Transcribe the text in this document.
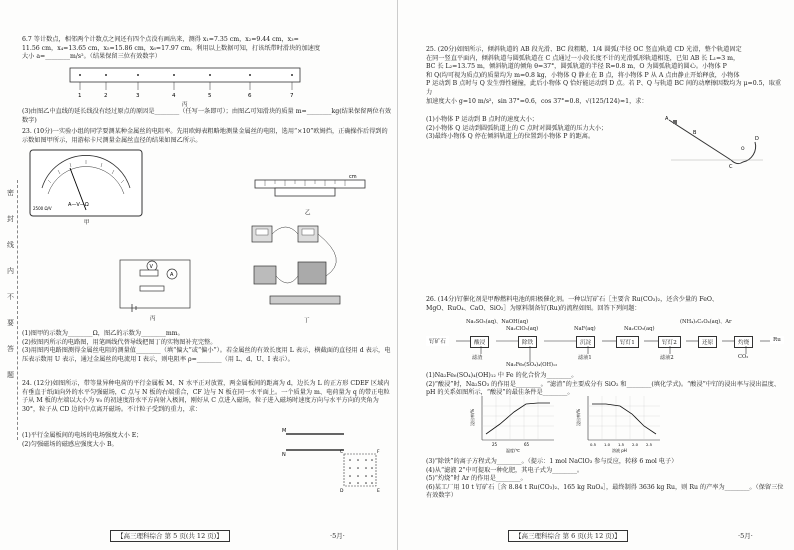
密
封
线
内
不
要
答
题
6.7 等计数点，相邻两个计数点之间还有四个点没有画出来，测得 x₁=7.35 cm，x₂=9.44 cm，x₃=
11.56 cm，x₄=13.65 cm，x₅=15.86 cm，x₆=17.97 cm。利用以上数据可知，打该纸带时滑块的加速度
大小 a=________m/s²。（结果保留三位有效数字）
1	2	3	4	5	6	7
丙
(3)由图乙中直线的延长线没有经过原点的原因是________（任写一条即可）；由图乙可知滑块的质量 m=________kg(结果保留两位有效数字)
23. (10分)一实验小组的同学要测某种金属丝的电阻率。先用欧姆表粗略地测量金属丝的电阻，选用“×10”欧姆挡，正确操作后得到的示数如图甲所示，用游标卡尺测量金属丝直径的结果如图乙所示。
A—V—Ω
2500 Ω/V
甲
cm
乙
V
A
丙	丁
(1)图甲的示数为________Ω，图乙的示数为________mm。
(2)按图丙所示的电路图，用笔画线代替导线把图丁的实物图补充完整。
(3)用图丙电路图测得金属丝电阻的测量值________（填“偏大”或“偏小”）。若金属丝的有效长度用 L 表示，横截面的直径用 d 表示，电压表示数用 U 表示，通过金属丝的电流用 I 表示，则电阻率 ρ=________（用 L、d、U、I 表示）。
24. (12分)如图所示，带等量异种电荷的平行金属板 M、N 水平正对放置，两金属板间的距离为 d，边长为 L 的正方形 CDEF 区域内有垂直于纸面向外的水平匀强磁场，C 点与 N 板的右端重合，CF 边与 N 板在同一水平面上。一个质量为 m、电荷量为 q 的带正电粒子从 M 板的左端以大小为 v₀ 的初速度沿水平方向射入极间，刚好从 C 点进入磁场，粒子进入磁场时速度方向与水平方向的夹角为 30°，粒子从 CD 边的中点离开磁场。不计粒子受到的重力，求：
(1)平行金属板间的电场的电场强度大小 E；
(2)匀强磁场的磁感应强度大小 B。
M
N	C	F
D	E
【高三理科综合 第 5 页(共 12 页)】	·5月·
25. (20分)如图所示，倾斜轨道的 AB 段光滑、BC 段粗糙，1/4 圆弧(半径 OC 竖直)轨道 CD 光滑，整个轨道固定
在同一竖直平面内，倾斜轨道与圆弧轨道在 C 点通过一小段长度不计的光滑弧形轨道相连，已知 AB 长 L₁=3 m，
BC 长 L₂=13.75 m，倾斜轨道的倾角 θ=37°，圆弧轨道的半径 R=0.8 m，O 为圆弧轨道的圆心。小物体 P
和 Q(均可视为质点)的质量均为 m=0.8 kg，小物体 Q 静止在 B 点，将小物体 P 从 A 点由静止开始释放，小物体
P 运动到 B 点时与 Q 发生弹性碰撞，此后小物体 Q 恰好能运动到 D 点。若 P、Q 与轨道 BC 间的动摩擦因数均为 μ=0.5，取重力
加速度大小 g=10 m/s²，sin 37°=0.6，cos 37°=0.8，√(125/124)≈1，求：
(1)小物体 P 运动到 B 点时的速度大小；
(2)小物体 Q 运动到圆弧轨道上的 C 点时对圆弧轨道的压力大小；
(3)最终小物体 Q 停在倾斜轨道上的位置到小物体 P 的距离。
A
B
C
D
O
26. (14分)钌催化剂是甲醇燃料电池的阳极催化剂。一种以钌矿石［主要含 Ru(CO₃)₂，还含少量的 FeO、
MgO、RuO₄、CaO、SiO₂］为原料制备钌(Ru)的流程如图。回答下列问题：
Na₂SO₃(aq)、NaOH(aq)
Na₂ClO₃(aq)	NaF(aq)	Na₂CO₃(aq)
(NH₄)₂C₂O₄(aq)、Ar
钌矿石	酸浸	除铁	沉淀	钌灯1	钌灯2	还原	灼烧	Ru
滤渣
Na₂Fe₆(SO₄)₄(OH)₁₂
滤液1	滤液2	CO₂
(1)Na₂Fe₆(SO₄)₄(OH)₁₂ 中 Fe 的化合价为________。
(2)“酸浸”时，Na₂SO₃ 的作用是________。“滤渣”的主要成分有 SiO₂ 和________(填化学式)。“酸浸”中钌的浸出率与浸出温度、pH 的关系如图所示，“酸浸”的最佳条件是________。
浸出率/%
25	65
温度/℃
浸出率/%
0.5 1.0 1.5 2.0 2.5
溶液 pH
(3)“除铁”的离子方程式为________。（提示：1 mol NaClO₃ 参与反应，转移 6 mol 电子）
(4)从“滤液 2”中可提取一种化肥，其电子式为________。
(5)“灼烧”时 Ar 的作用是________。
(6)某工厂用 10 t 钌矿石［含 8.84 t Ru(CO₃)₂、165 kg RuO₄］，最终制得 3636 kg Ru，则 Ru 的产率为________。（保留三位有效数字）
【高三理科综合 第 6 页(共 12 页)】	·5月·
